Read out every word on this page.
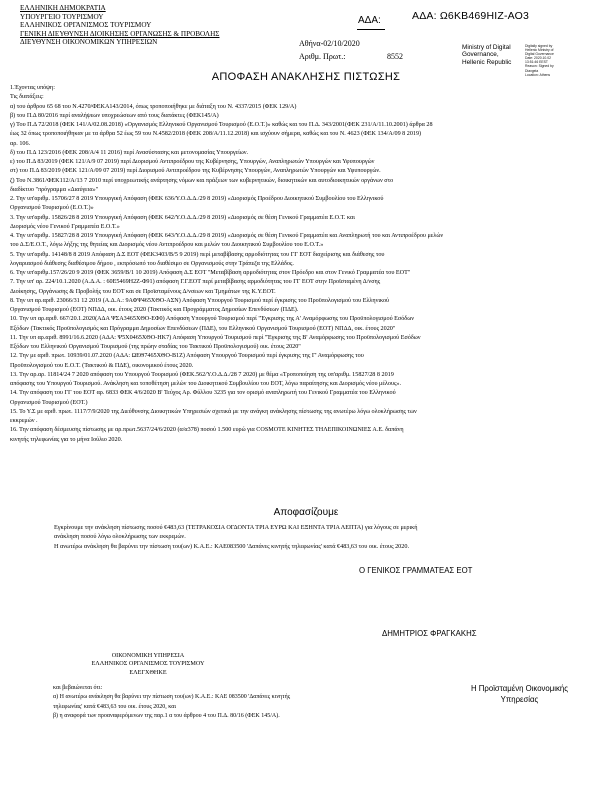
ΕΛΛΗΝΙΚΗ ΔΗΜΟΚΡΑΤΙΑ
ΥΠΟΥΡΓΕΙΟ ΤΟΥΡΙΣΜΟΥ
ΕΛΛΗΝΙΚΟΣ ΟΡΓΑΝΙΣΜΟΣ ΤΟΥΡΙΣΜΟΥ
ΓΕΝΙΚΗ ΔΙΕΥΘΥΝΣΗ ΔΙΟΙΚΗΣΗΣ ΟΡΓΑΝΩΣΗΣ & ΠΡΟΒΟΛΗΣ
ΔΙΕΥΘΥΝΣΗ ΟΙΚΟΝΟΜΙΚΩΝ ΥΠΗΡΕΣΙΩΝ
ΑΔΑ:	ΑΔΑ: Ω6ΚΒ469ΗΙΖ-ΑΟ3
Αθήνα-02/10/2020
Αριθμ. Πρωτ.:	8552
Ministry of Digital
Governance,
Hellenic Republic
Digitally signed by
Hellenic Ministry of
Digital Governance
Date: 2020.10.02
13:51:46 EEST
Reason: Signed by
Diavgeia
Location: Athens
ΑΠΟΦΑΣΗ ΑΝΑΚΛΗΣΗΣ ΠΙΣΤΩΣΗΣ
1.Έχοντας υπόψη:
Τις διατάξεις:
α) του άρθρου 65 68 του Ν.4270/ΦΕΚΑ143/2014, όπως τροποποιήθηκε με διάταξη του Ν. 4337/2015 (ΦΕΚ 129/Α)
β) του Π.Δ 80/2016 περί αναλήψεων υποχρεώσεων από τους διατάκτες (ΦΕΚ145/Α)
γ) Του Π.Δ 72/2018 (ΦΕΚ 141/Α/02.08.2018) «Οργανισμός Ελληνικού Οργανισμού Τουρισμού (Ε.Ο.Τ.)» καθώς και του Π.Δ. 343/2001(ΦΕΚ 231/Α/11.10.2001) άρθρα 28
έως 32 όπως τροποποιήθηκαν με τα άρθρα 52 έως 59 του Ν.4582/2018 (ΦΕΚ 208/Α/11.12.2018) και ισχύουν σήμερα, καθώς και του Ν. 4623 (ΦΕΚ 134/Α/09 8 2019)
αρ. 106.
δ) του Π.Δ 123/2016 (ΦΕΚ 208/Α/4 11 2016) περί Ανασύστασης και μετονομασίας Υπουργείων.
ε) του Π.Δ 83/2019 (ΦΕΚ 121/Α/9 07 2019) περί Διορισμού Αντιπροέδρου της Κυβέρνησης, Υπουργών, Αναπληρωτών Υπουργών και Υφυπουργών
στ) του Π.Δ 83/2019 (ΦΕΚ 121/Α/09 07 2019) περί Διορισμού Αντιπροέδρου της Κυβέρνησης Υπουργών, Αναπληρωτών Υπουργών και Υφυπουργών.
ζ) Του Ν.3861/ΦΕΚ112/Α/13 7 2010 περί υποχρεωτικής ανάρτησης νόμων και πράξεων των κυβερνητικών, διοικητικών και αυτοδιοικητικών οργάνων στο
διαδίκτυο "πρόγραμμα «Διαύγεια»"
2. Την υπ'αριθμ. 15706/27 8 2019 Υπουργική Απόφαση (ΦΕΚ 636/Υ.Ο.Δ.Δ./29 8 2019) «Διορισμός Προέδρου Διοικητικού Συμβουλίου του Ελληνικού
Οργανισμού Τουρισμού (Ε.Ο.Τ.)»
3. Την υπ'αριθμ. 15826/28 8 2019 Υπουργική Απόφαση (ΦΕΚ 642/Υ.Ο.Δ.Δ./29 8 2019) «Διορισμός σε θέση Γενικού Γραμματέα Ε.Ο.Τ. και
Διορισμός νέου Γενικού Γραμματέα Ε.Ο.Τ.»
4. Την υπ'αριθμ. 15827/28 8 2019 Υπουργική Απόφαση (ΦΕΚ 643/Υ.Ο.Δ.Δ./29 8 2019) «Διορισμός σε θέση Γενικού Γραμματέα και Αναπληρωτή του και Αντιπροέδρου μελών
του Δ.Σ/Ε.Ο.Τ., λόγω λήξης της θητείας και Διορισμός νέου Αντιπροέδρου και μελών του Διοικητικού Συμβουλίου του Ε.Ο.Τ.»
5. Την υπ'αριθμ. 14148/8 8 2019 Απόφαση Δ.Σ ΕΟΤ (ΦΕΚ3403/Β/5 9 2019) περί μεταβίβασης αρμοδιότητας του ΓΓ ΕΟΤ διαχείρισης και διάθεσης του
λογαριασμού διάθεσης διαθέσιμου δήμου , εκπρόσωπό του διαθέσιμο σε Οργανισμούς στην Τράπεζα της Ελλάδος.
6. Την υπ'αριθμ.157/26/20 9 2019 (ΦΕΚ 3659/Β/1 10 2019) Απόφαση Δ.Σ ΕΟΤ "Μεταβίβαση αρμοδιότητας στον Πρόεδρο και στον Γενικό Γραμματέα του ΕΟΤ"
7. Την υπ' αρ. 224/10.1.2020 (Α.Δ.Α. : 60Ε5469Η2Ζ-Φ91) απόφαση Γ.Γ.ΕΟΤ περί μεταβίβασης αρμοδιότητας του ΓΓ ΕΟΤ στην Προϊσταμένη Δ/νσης
Διοίκησης, Οργάνωσης & Προβολής του ΕΟΤ και σε Προϊσταμένους Δ/νσεων και Τμημάτων της Κ.Υ.ΕΟΤ.
8. Την υπ αρ.αριθ. 23066/31 12 2019 (Α.Δ.Α.: 9ΑΦΨ465ΧΘΟ-ΑΣΝ) Απόφαση Υπουργού Τουρισμού περί έγκρισης του Προϋπολογισμού του Ελληνικού
Οργανισμού Τουρισμού (ΕΟΤ) ΝΠΔΔ, οικ. έτους 2020 (Τακτικός και Προγράμματος Δημοσίων Επενδύσεων (ΠΔΕ).
10. Την υπ αρ.αριθ. 667/20.1.2020(ΑΔΑ ΨΣΑ3465ΧΘΟ-ΕΦ0) Απόφαση Υπουργού Τουρισμού περί "Έγκρισης της Α' Αναμόρφωσης του Προϋπολογισμού Εσόδων
Εξόδων (Τακτικός Προϋπολογισμός και Πρόγραμμα Δημοσίων Επενδύσεων (ΠΔΕ), του Ελληνικού Οργανισμού Τουρισμού (ΕΟΤ) ΝΠΔΔ, οικ. έτους 2020"
11. Την υπ αρ.αριθ. 8991/16.6.2020 (ΑΔΑ: Ψ5Χ0465ΧΘΟ-ΗΚ7) Απόφαση Υπουργού Τουρισμού περί "Έγκρισης της Β' Αναμόρφωσης του Προϋπολογισμού Εσόδων
Εξόδων του Ελληνικού Οργανισμού Τουρισμού (της πρώην σταδίας του Τακτικού Προϋπολογισμού) οικ. έτους 2020"
12. Την με αριθ. πρωτ. 10939/01.07.2020 (ΑΔΑ: ΩΕΘ7465ΧΘΟ-Β1Ζ) Απόφαση Υπουργού Τουρισμού περί έγκρισης της Γ' Αναμόρφωσης του
Προϋπολογισμού του Ε.Ο.Τ. (Τακτικού & ΠΔΕ), οικονομικού έτους 2020.
13. Την αρ.αρ. 11814/24 7 2020 απόφαση του Υπουργού Τουρισμού (ΦΕΚ.562/Υ.Ο.Δ.Δ./28 7 2020) με θέμα «Τροποποίηση της υπ'αριθμ. 15827/28 8 2019
απόφασης του Υπουργού Τουρισμού. Ανάκληση και τοποθέτηση μελών του Διοικητικού Συμβουλίου του ΕΟΤ, λόγω παραίτησης και Διορισμός νέου μέλους».
14. Την απόφαση του ΓΓ του ΕΟΤ αρ. 6833 ΦΕΚ 4/6/2020 Β' Τεύχος Αρ. Φύλλου 3235 για τον ορισμό αναπληρωτή του Γενικού Γραμματέα του Ελληνικού
Οργανισμού Τουρισμού (ΕΟΤ.)
15. Το Υ.Σ με αριθ. πρωτ. 1117/7/9/2020 της Διεύθυνσης Διοικητικών Υπηρεσιών σχετικά με την ανάγκη ανάκλησης πίστωσης της ανωτέρω λόγω ολοκλήρωσης των
εκκρεμών .
16. Την απόφαση δέσμευσης πίστωσης με αρ.πρωτ.5637/24/6/2020 (α/α378) ποσού 1.500 ευρώ για COSMOTE ΚΙΝΗΤΕΣ ΤΗΛΕΠΙΚΟΙΝΩΝΙΕΣ Α.Ε. δαπάνη
κινητής τηλεφωνίας για το μήνα Ιούλιο 2020.
Αποφασίζουμε
Εγκρίνουμε την ανάκληση πίστωσης ποσού €483,63 (ΤΕΤΡΑΚΟΣΙΑ ΟΓΔΟΝΤΑ ΤΡΙΑ ΕΥΡΩ ΚΑΙ ΕΞΗΝΤΑ ΤΡΙΑ ΛΕΠΤΑ) για λόγους σε μερική
ανάκληση ποσού λόγω ολοκλήρωσης των εκκρεμών.
Η ανωτέρω ανάκληση θα βαρύνει την πίστωση του(ων) Κ.Α.Ε.: ΚΑΕ083500 'Δαπάνες κινητής τηλεφωνίας' κατά €483,63 του οικ. έτους 2020.
Ο ΓΕΝΙΚΟΣ ΓΡΑΜΜΑΤΕΑΣ ΕΟΤ
ΔΗΜΗΤΡΙΟΣ ΦΡΑΓΚΑΚΗΣ
ΟΙΚΟΝΟΜΙΚΗ ΥΠΗΡΕΣΙΑ
ΕΛΛΗΝΙΚΟΣ ΟΡΓΑΝΙΣΜΟΣ ΤΟΥΡΙΣΜΟΥ
ΕΛΕΓΧΘΗΚΕ
και βεβαιώνεται ότι:
α) Η ανωτέρω ανάκληση θα βαρύνει την πίστωση του(ων) Κ.Α.Ε.: ΚΑΕ 083500 'Δαπάνες κινητής
τηλεφωνίας' κατά €483,63 του οικ. έτους 2020, και
β) η αναφορά των προαναφερόμενων της παρ.1 α του άρθρου 4 του Π.Δ. 80/16 (ΦΕΚ 145/Α).
Η Προϊσταμένη Οικονομικής
Υπηρεσίας
